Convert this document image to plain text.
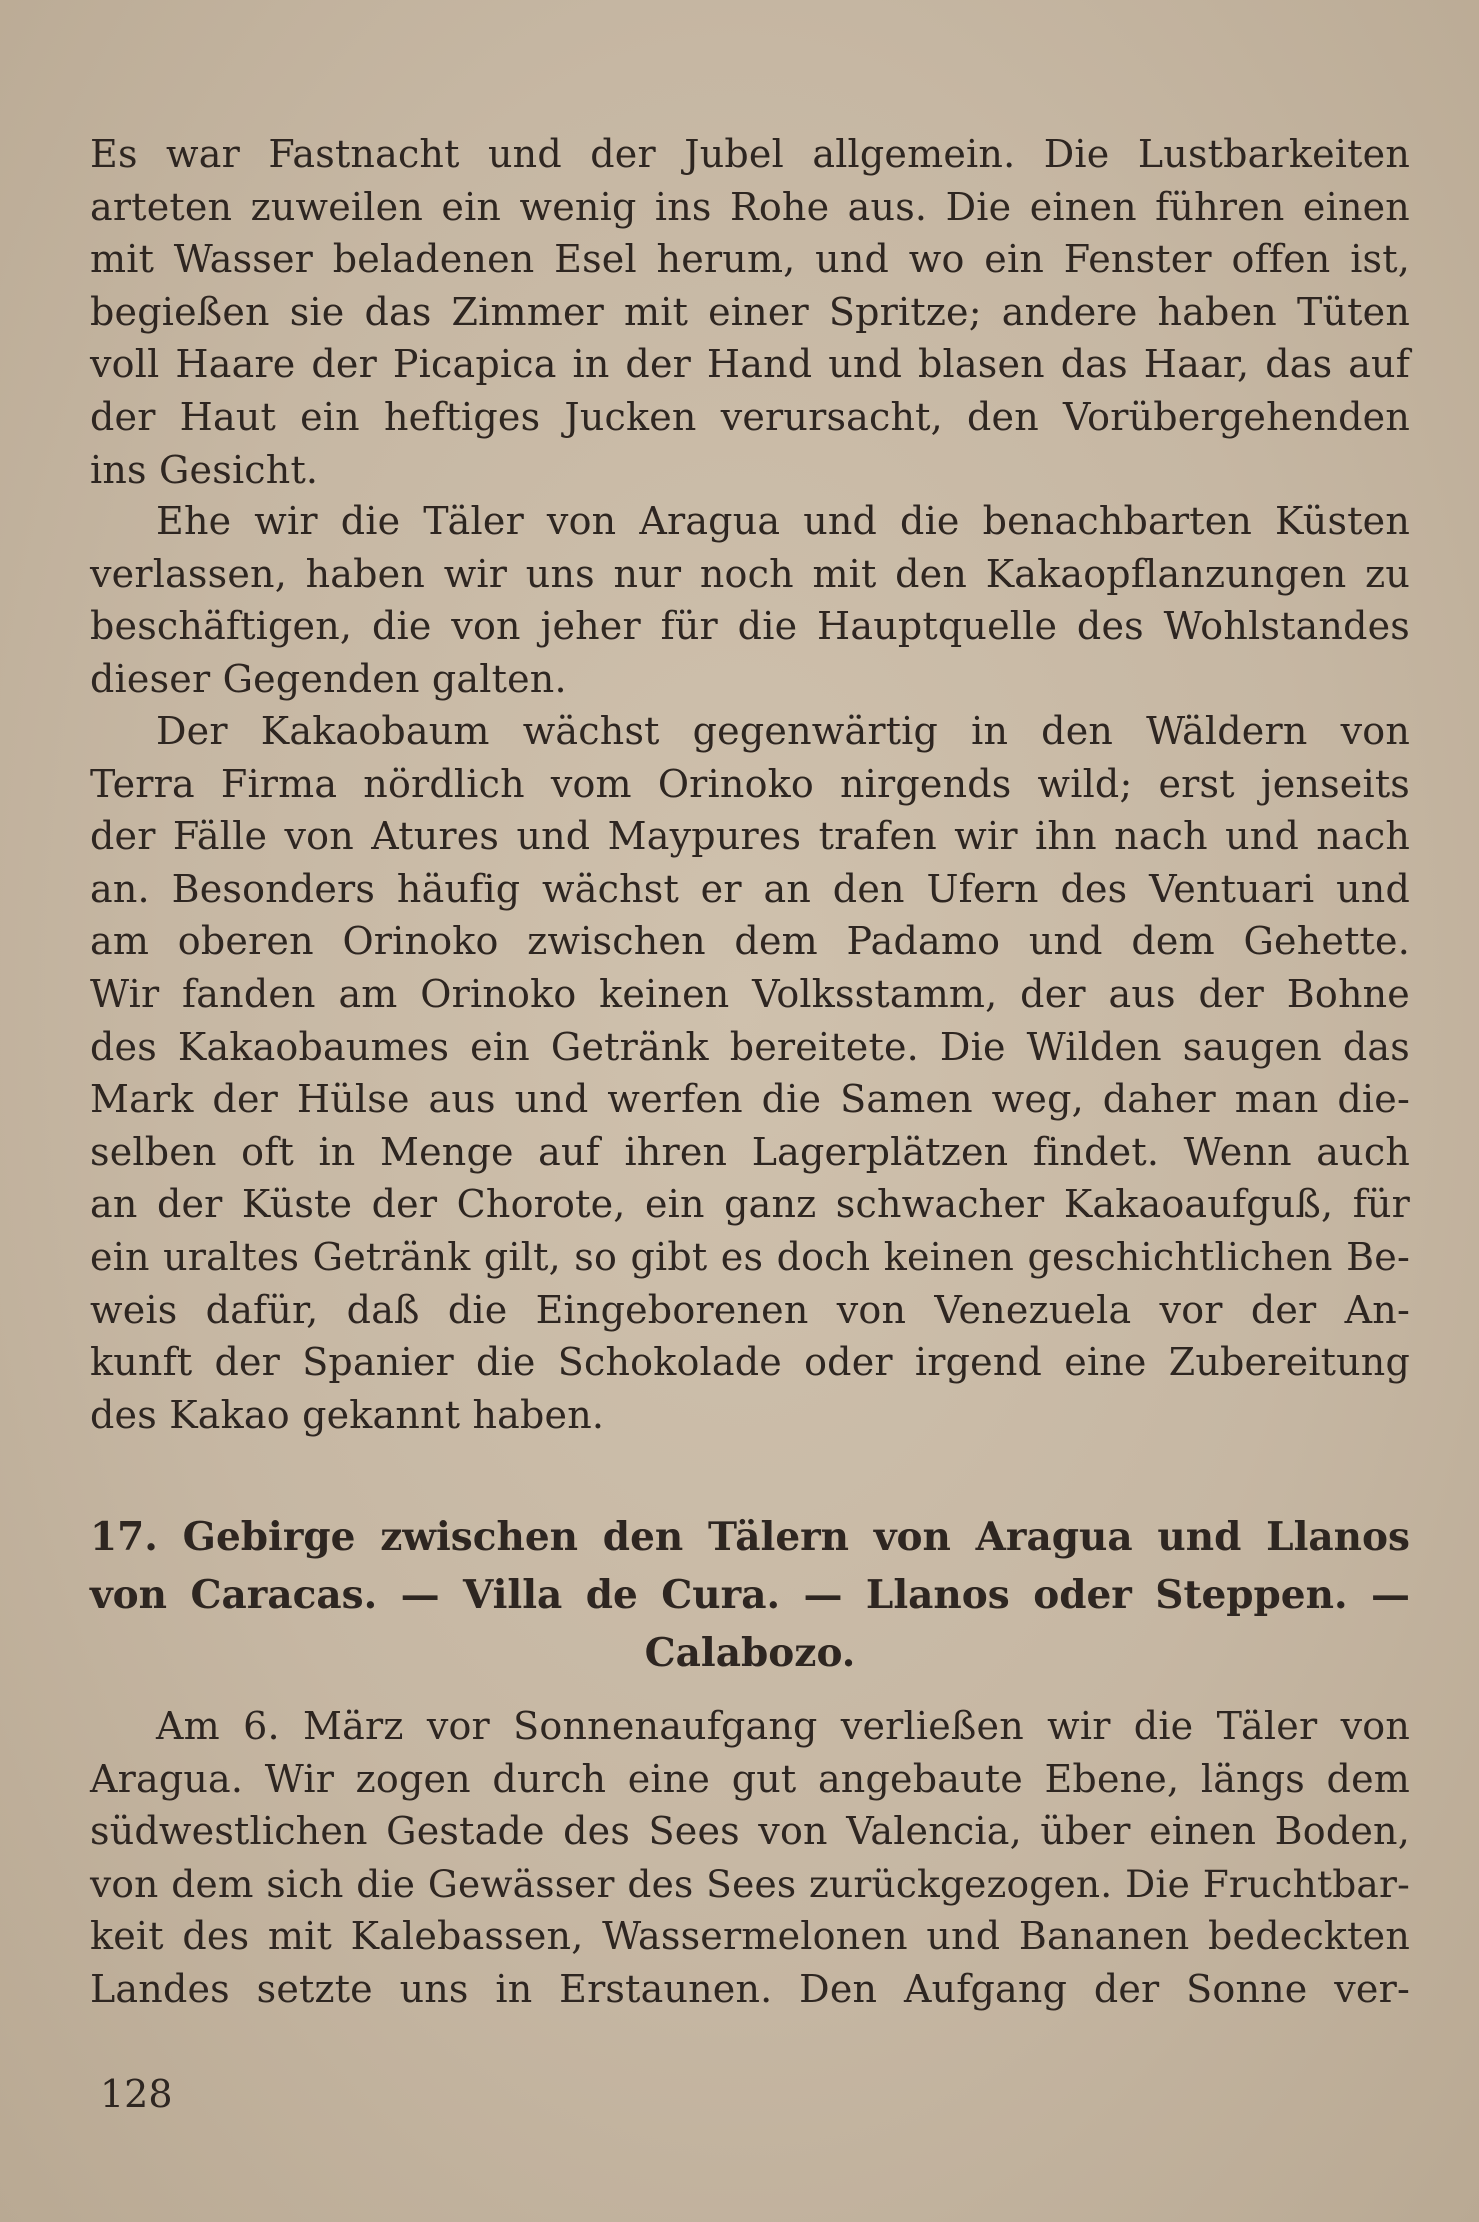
Es war Fastnacht und der Jubel allgemein. Die Lustbarkeiten
arteten zuweilen ein wenig ins Rohe aus. Die einen führen einen
mit Wasser beladenen Esel herum, und wo ein Fenster offen ist,
begießen sie das Zimmer mit einer Spritze; andere haben Tüten
voll Haare der Picapica in der Hand und blasen das Haar, das auf
der Haut ein heftiges Jucken verursacht, den Vorübergehenden
ins Gesicht.
Ehe wir die Täler von Aragua und die benachbarten Küsten
verlassen, haben wir uns nur noch mit den Kakaopflanzungen zu
beschäftigen, die von jeher für die Hauptquelle des Wohlstandes
dieser Gegenden galten.
Der Kakaobaum wächst gegenwärtig in den Wäldern von
Terra Firma nördlich vom Orinoko nirgends wild; erst jenseits
der Fälle von Atures und Maypures trafen wir ihn nach und nach
an. Besonders häufig wächst er an den Ufern des Ventuari und
am oberen Orinoko zwischen dem Padamo und dem Gehette.
Wir fanden am Orinoko keinen Volksstamm, der aus der Bohne
des Kakaobaumes ein Getränk bereitete. Die Wilden saugen das
Mark der Hülse aus und werfen die Samen weg, daher man die-
selben oft in Menge auf ihren Lagerplätzen findet. Wenn auch
an der Küste der Chorote, ein ganz schwacher Kakaoaufguß, für
ein uraltes Getränk gilt, so gibt es doch keinen geschichtlichen Be-
weis dafür, daß die Eingeborenen von Venezuela vor der An-
kunft der Spanier die Schokolade oder irgend eine Zubereitung
des Kakao gekannt haben.
17. Gebirge zwischen den Tälern von Aragua und Llanos
von Caracas. — Villa de Cura. — Llanos oder Steppen. —
Calabozo.
Am 6. März vor Sonnenaufgang verließen wir die Täler von
Aragua. Wir zogen durch eine gut angebaute Ebene, längs dem
südwestlichen Gestade des Sees von Valencia, über einen Boden,
von dem sich die Gewässer des Sees zurückgezogen. Die Fruchtbar-
keit des mit Kalebassen, Wassermelonen und Bananen bedeckten
Landes setzte uns in Erstaunen. Den Aufgang der Sonne ver-
128
